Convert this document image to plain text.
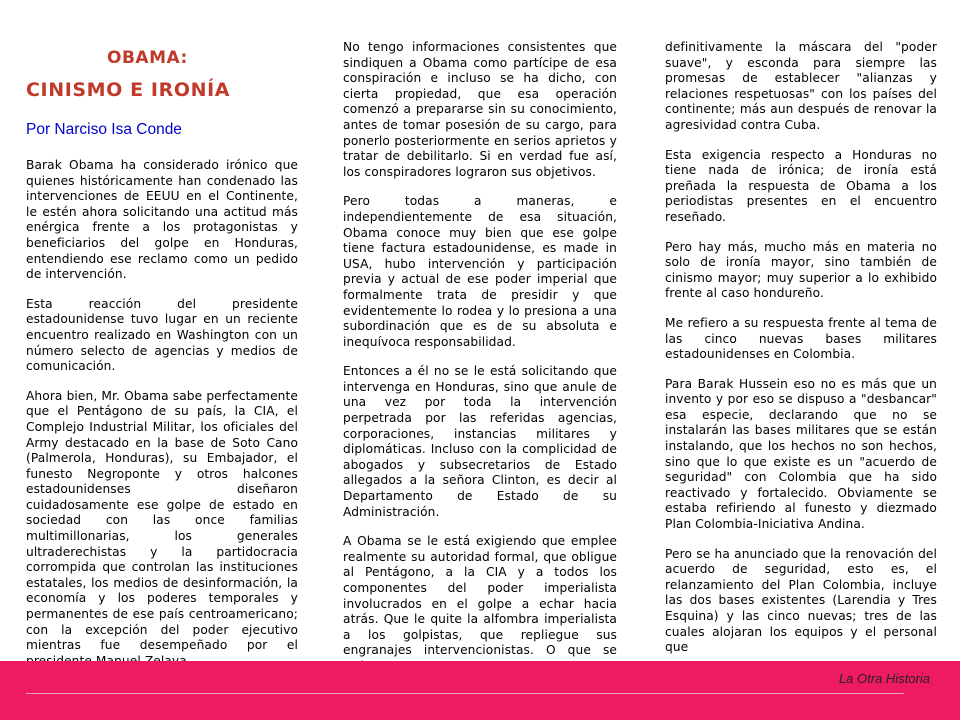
OBAMA:
CINISMO E IRONÍA
Por Narciso Isa Conde

Barak Obama ha considerado irónico que quienes históricamente han condenado las intervenciones de EEUU en el Continente, le estén ahora solicitando una actitud más enérgica frente a los protagonistas y beneficiarios del golpe en Honduras, entendiendo ese reclamo como un pedido de intervención.

Esta reacción del presidente estadounidense tuvo lugar en un reciente encuentro realizado en Washington con un número selecto de agencias y medios de comunicación.

Ahora bien, Mr. Obama sabe perfectamente que el Pentágono de su país, la CIA, el Complejo Industrial Militar, los oficiales del Army destacado en la base de Soto Cano (Palmerola, Honduras), su Embajador, el funesto Negroponte y otros halcones estadounidenses diseñaron cuidadosamente ese golpe de estado en sociedad con las once familias multimillonarias, los generales ultraderechistas y la partidocracia corrompida que controlan las instituciones estatales, los medios de desinformación, la economía y los poderes temporales y permanentes de ese país centroamericano; con la excepción del poder ejecutivo mientras fue desempeñado por el

No tengo informaciones consistentes que sindiquen a Obama como partícipe de esa conspiración e incluso se ha dicho, con cierta propiedad, que esa operación comenzó a prepararse sin su conocimiento, antes de tomar posesión de su cargo, para ponerlo posteriormente en serios aprietos y tratar de debilitarlo. Si en verdad fue así, los conspiradores lograron sus objetivos.

Pero todas a maneras, e independientemente de esa situación, Obama conoce muy bien que ese golpe tiene factura estadounidense, es made in USA, hubo intervención y participación previa y actual de ese poder imperial que formalmente trata de presidir y que evidentemente lo rodea y lo presiona a una subordinación que es de su absoluta e inequívoca responsabilidad.

Entonces a él no se le está solicitando que intervenga en Honduras, sino que anule de una vez por toda la intervención perpetrada por las referidas agencias, corporaciones, instancias militares y diplomáticas. Incluso con la complicidad de abogados y subsecretarios de Estado allegados a la señora Clinton, es decir al Departamento de Estado de su Administración.

A Obama se le está exigiendo que emplee realmente su autoridad formal, que obligue al Pentágono, a la CIA y a todos los componentes del poder imperialista involucrados en el golpe a echar hacia atrás. Que le quite la alfombra imperialista a los golpistas, que repliegue sus engranajes intervencionistas. O que se

definitivamente la máscara del "poder suave", y esconda para siempre las promesas de establecer "alianzas y relaciones respetuosas" con los países del continente; más aun después de renovar la agresividad contra Cuba.

Esta exigencia respecto a Honduras no tiene nada de irónica; de ironía está preñada la respuesta de Obama a los periodistas presentes en el encuentro reseñado.

Pero hay más, mucho más en materia no solo de ironía mayor, sino también de cinismo mayor; muy superior a lo exhibido frente al caso hondureño.

Me refiero a su respuesta frente al tema de las cinco nuevas bases militares estadounidenses en Colombia.

Para Barak Hussein eso no es más que un invento y por eso se dispuso a "desbancar" esa especie, declarando que no se instalarán las bases militares que se están instalando, que los hechos no son hechos, sino que lo que existe es un "acuerdo de seguridad" con Colombia que ha sido reactivado y fortalecido. Obviamente se estaba refiriendo al funesto y diezmado Plan Colombia-Iniciativa Andina.

Pero se ha anunciado que la renovación del acuerdo de seguridad, esto es, el relanzamiento del Plan Colombia, incluye las dos bases existentes (Larendia y Tres Esquina) y las cinco nuevas; tres de las cuales alojaran los equipos y el personal que

La Otra Historia
